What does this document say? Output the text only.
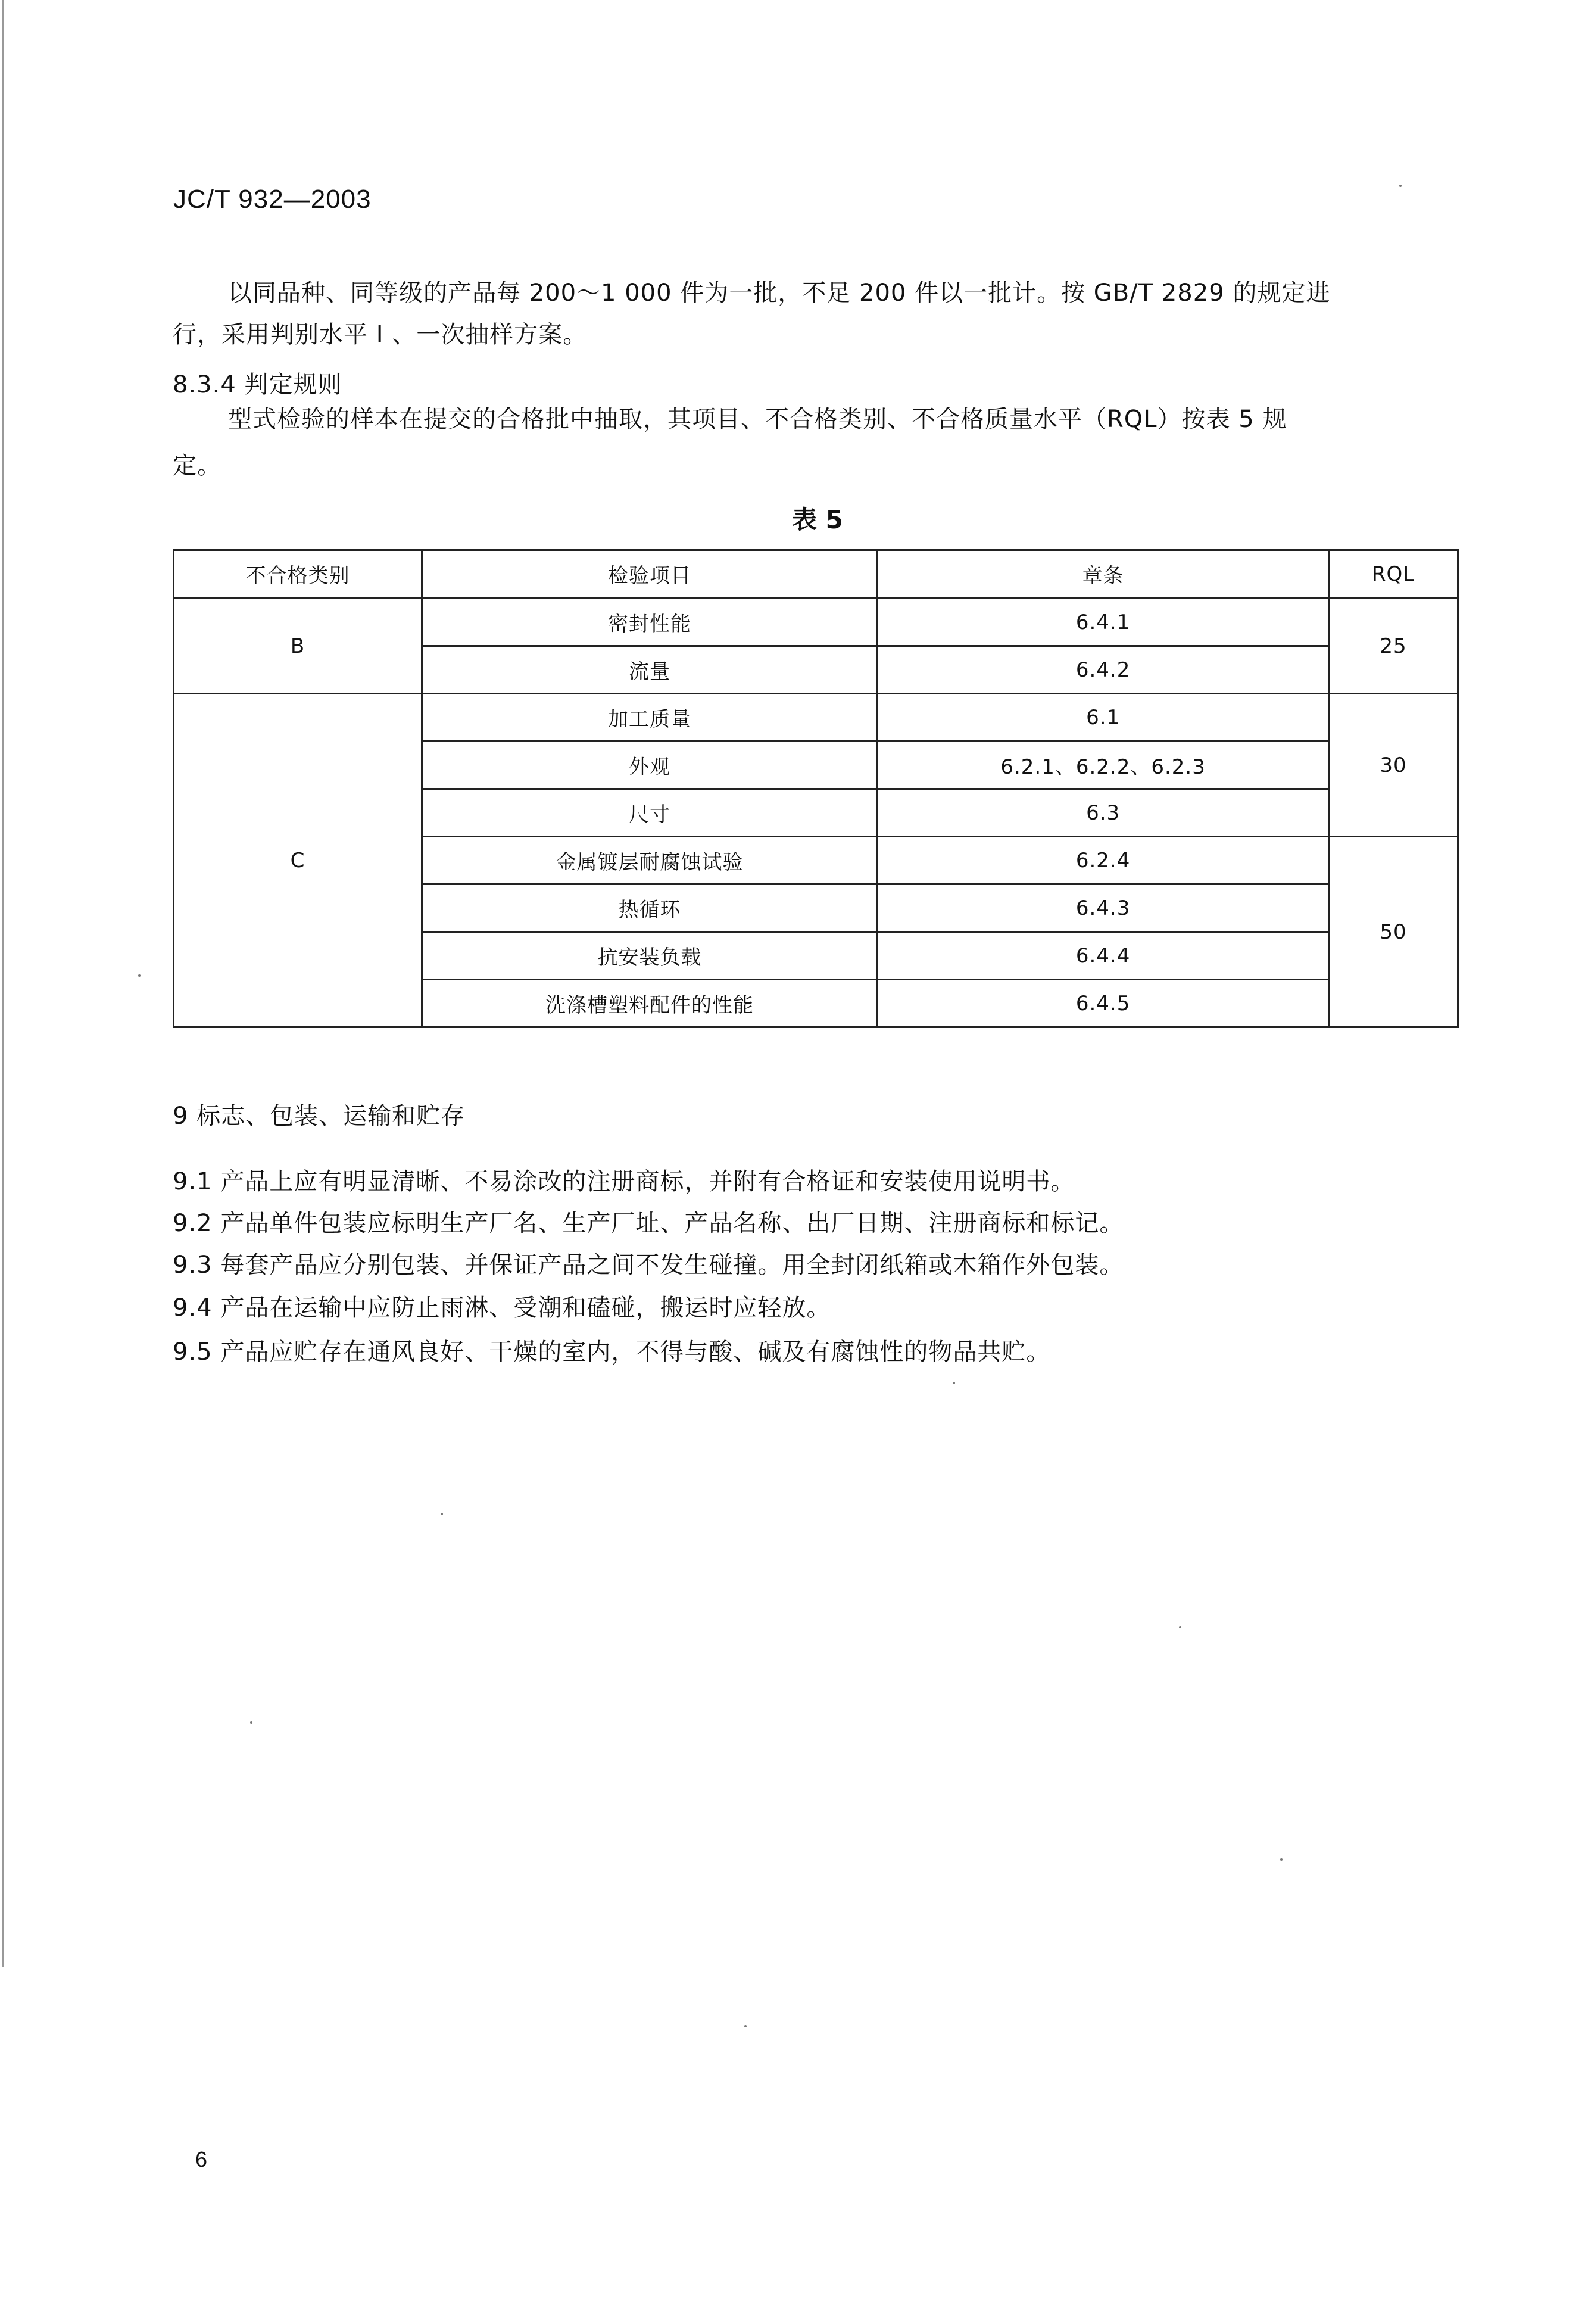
JC/T 932—2003
以同品种、同等级的产品每 200～1 000 件为一批，不足 200 件以一批计。按 GB/T 2829 的规定进
行，采用判别水平 I 、一次抽样方案。
8.3.4 判定规则
型式检验的样本在提交的合格批中抽取，其项目、不合格类别、不合格质量水平（RQL）按表 5 规
定。
表 5
不合格类别	检验项目	章条	RQL
B	密封性能	6.4.1	25
	流量	6.4.2	
C	加工质量	6.1	30
	外观	6.2.1、6.2.2、6.2.3	
	尺寸	6.3	
	金属镀层耐腐蚀试验	6.2.4	50
	热循环	6.4.3	
	抗安装负载	6.4.4	
	洗涤槽塑料配件的性能	6.4.5	
9 标志、包装、运输和贮存
9.1 产品上应有明显清晰、不易涂改的注册商标，并附有合格证和安装使用说明书。
9.2 产品单件包装应标明生产厂名、生产厂址、产品名称、出厂日期、注册商标和标记。
9.3 每套产品应分别包装、并保证产品之间不发生碰撞。用全封闭纸箱或木箱作外包装。
9.4 产品在运输中应防止雨淋、受潮和磕碰，搬运时应轻放。
9.5 产品应贮存在通风良好、干燥的室内，不得与酸、碱及有腐蚀性的物品共贮。
6
